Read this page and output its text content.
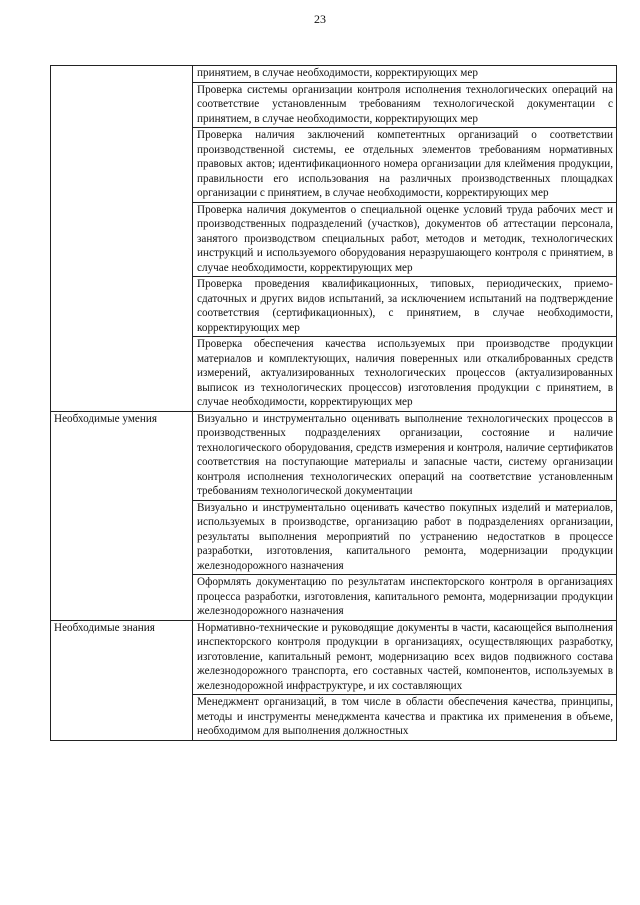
23

	принятием, в случае необходимости, корректирующих мер

	Проверка системы организации контроля исполнения технологических операций на соответствие установленным требованиям технологической документации с принятием, в случае необходимости, корректирующих мер

	Проверка наличия заключений компетентных организаций о соответствии производственной системы, ее отдельных элементов требованиям нормативных правовых актов; идентификационного номера организации для клеймения продукции, правильности его использования на различных производственных площадках организации с принятием, в случае необходимости, корректирующих мер

	Проверка наличия документов о специальной оценке условий труда рабочих мест и производственных подразделений (участков), документов об аттестации персонала, занятого производством специальных работ, методов и методик, технологических инструкций и используемого оборудования неразрушающего контроля с принятием, в случае необходимости, корректирующих мер

	Проверка проведения квалификационных, типовых, периодических, приемо-сдаточных и других видов испытаний, за исключением испытаний на подтверждение соответствия (сертификационных), с принятием, в случае необходимости, корректирующих мер

	Проверка обеспечения качества используемых при производстве продукции материалов и комплектующих, наличия поверенных или откалиброванных средств измерений, актуализированных технологических процессов (актуализированных выписок из технологических процессов) изготовления продукции с принятием, в случае необходимости, корректирующих мер

Необходимые умения	Визуально и инструментально оценивать выполнение технологических процессов в производственных подразделениях организации, состояние и наличие технологического оборудования, средств измерения и контроля, наличие сертификатов соответствия на поступающие материалы и запасные части, систему организации контроля исполнения технологических операций на соответствие установленным требованиям технологической документации

	Визуально и инструментально оценивать качество покупных изделий и материалов, используемых в производстве, организацию работ в подразделениях организации, результаты выполнения мероприятий по устранению недостатков в процессе разработки, изготовления, капитального ремонта, модернизации продукции железнодорожного назначения

	Оформлять документацию по результатам инспекторского контроля в организациях процесса разработки, изготовления, капитального ремонта, модернизации продукции железнодорожного назначения

Необходимые знания	Нормативно-технические и руководящие документы в части, касающейся выполнения инспекторского контроля продукции в организациях, осуществляющих разработку, изготовление, капитальный ремонт, модернизацию всех видов подвижного состава железнодорожного транспорта, его составных частей, компонентов, используемых в железнодорожной инфраструктуре, и их составляющих

	Менеджмент организаций, в том числе в области обеспечения качества, принципы, методы и инструменты менеджмента качества и практика их применения в объеме, необходимом для выполнения должностных
